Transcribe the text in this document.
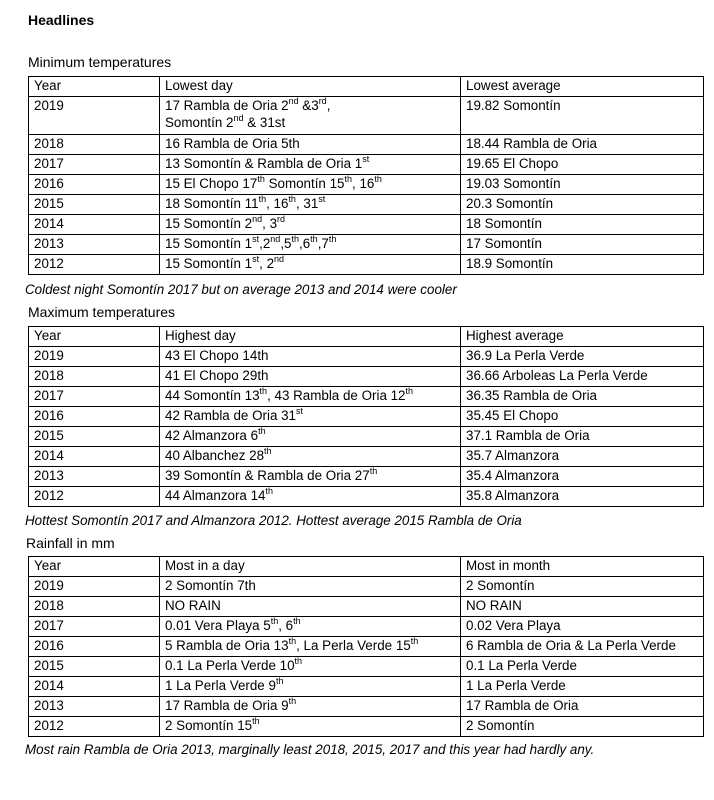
Headlines
Minimum temperatures
Year	Lowest day	Lowest average
2019	17 Rambla de Oria 2nd &3rd,
Somontín 2nd & 31st	19.82 Somontín
2018	16 Rambla de Oria 5th	18.44 Rambla de Oria
2017	13 Somontín & Rambla de Oria 1st	19.65 El Chopo
2016	15 El Chopo 17th Somontín 15th, 16th	19.03 Somontín
2015	18 Somontín 11th, 16th, 31st	20.3 Somontín
2014	15 Somontín 2nd, 3rd	18 Somontín
2013	15 Somontín 1st,2nd,5th,6th,7th	17 Somontín
2012	15 Somontín 1st, 2nd	18.9 Somontín
Coldest night Somontín 2017 but on average 2013 and 2014 were cooler
Maximum temperatures
Year	Highest day	Highest average
2019	43 El Chopo 14th	36.9 La Perla Verde
2018	41 El Chopo 29th	36.66 Arboleas La Perla Verde
2017	44 Somontín 13th, 43 Rambla de Oria 12th	36.35 Rambla de Oria
2016	42 Rambla de Oria 31st	35.45 El Chopo
2015	42 Almanzora 6th	37.1 Rambla de Oria
2014	40 Albanchez 28th	35.7 Almanzora
2013	39 Somontín & Rambla de Oria 27th	35.4 Almanzora
2012	44 Almanzora 14th	35.8 Almanzora
Hottest Somontín 2017 and Almanzora 2012. Hottest average 2015 Rambla de Oria
Rainfall in mm
Year	Most in a day	Most in month
2019	2 Somontín 7th	2 Somontín
2018	NO RAIN	NO RAIN
2017	0.01 Vera Playa 5th, 6th	0.02 Vera Playa
2016	5 Rambla de Oria 13th, La Perla Verde 15th	6 Rambla de Oria & La Perla Verde
2015	0.1 La Perla Verde 10th	0.1 La Perla Verde
2014	1 La Perla Verde 9th	1 La Perla Verde
2013	17 Rambla de Oria 9th	17 Rambla de Oria
2012	2 Somontín 15th	2 Somontín
Most rain Rambla de Oria 2013, marginally least 2018, 2015, 2017 and this year had hardly any.
